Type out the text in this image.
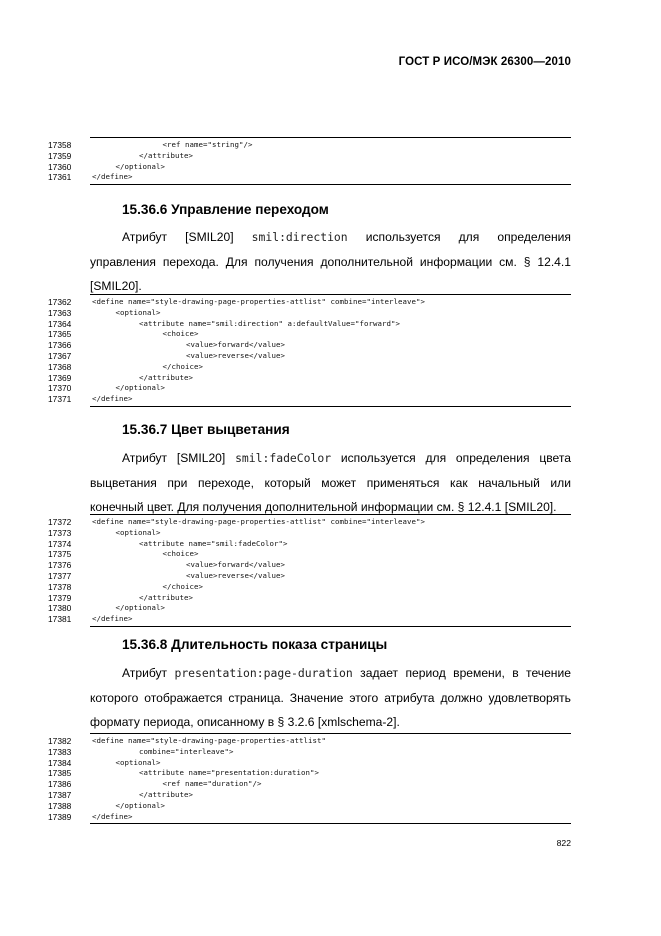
ГОСТ Р ИСО/МЭК 26300—2010
17358	<ref name="string"/>
17359	</attribute>
17360	</optional>
17361	</define>
15.36.6 Управление переходом

Атрибут [SMIL20] smil:direction используется для определения

управления перехода. Для получения дополнительной информации см. § 12.4.1

[SMIL20].

17362	<define name="style-drawing-page-properties-attlist" combine="interleave">
17363	<optional>
17364	<attribute name="smil:direction" a:defaultValue="forward">
17365	<choice>
17366	<value>forward</value>
17367	<value>reverse</value>
17368	</choice>
17369	</attribute>
17370	</optional>
17371	</define>
15.36.7 Цвет выцветания

Атрибут [SMIL20] smil:fadeColor используется для определения цвета

выцветания при переходе, который может применяться как начальный или

конечный цвет. Для получения дополнительной информации см. § 12.4.1 [SMIL20].

17372	<define name="style-drawing-page-properties-attlist" combine="interleave">
17373	<optional>
17374	<attribute name="smil:fadeColor">
17375	<choice>
17376	<value>forward</value>
17377	<value>reverse</value>
17378	</choice>
17379	</attribute>
17380	</optional>
17381	</define>
15.36.8 Длительность показа страницы

Атрибут presentation:page-duration задает период времени, в течение

которого отображается страница. Значение этого атрибута должно удовлетворять

формату периода, описанному в § 3.2.6 [xmlschema-2].

17382	<define name="style-drawing-page-properties-attlist"
17383	combine="interleave">
17384	<optional>
17385	<attribute name="presentation:duration">
17386	<ref name="duration"/>
17387	</attribute>
17388	</optional>
17389	</define>
822
